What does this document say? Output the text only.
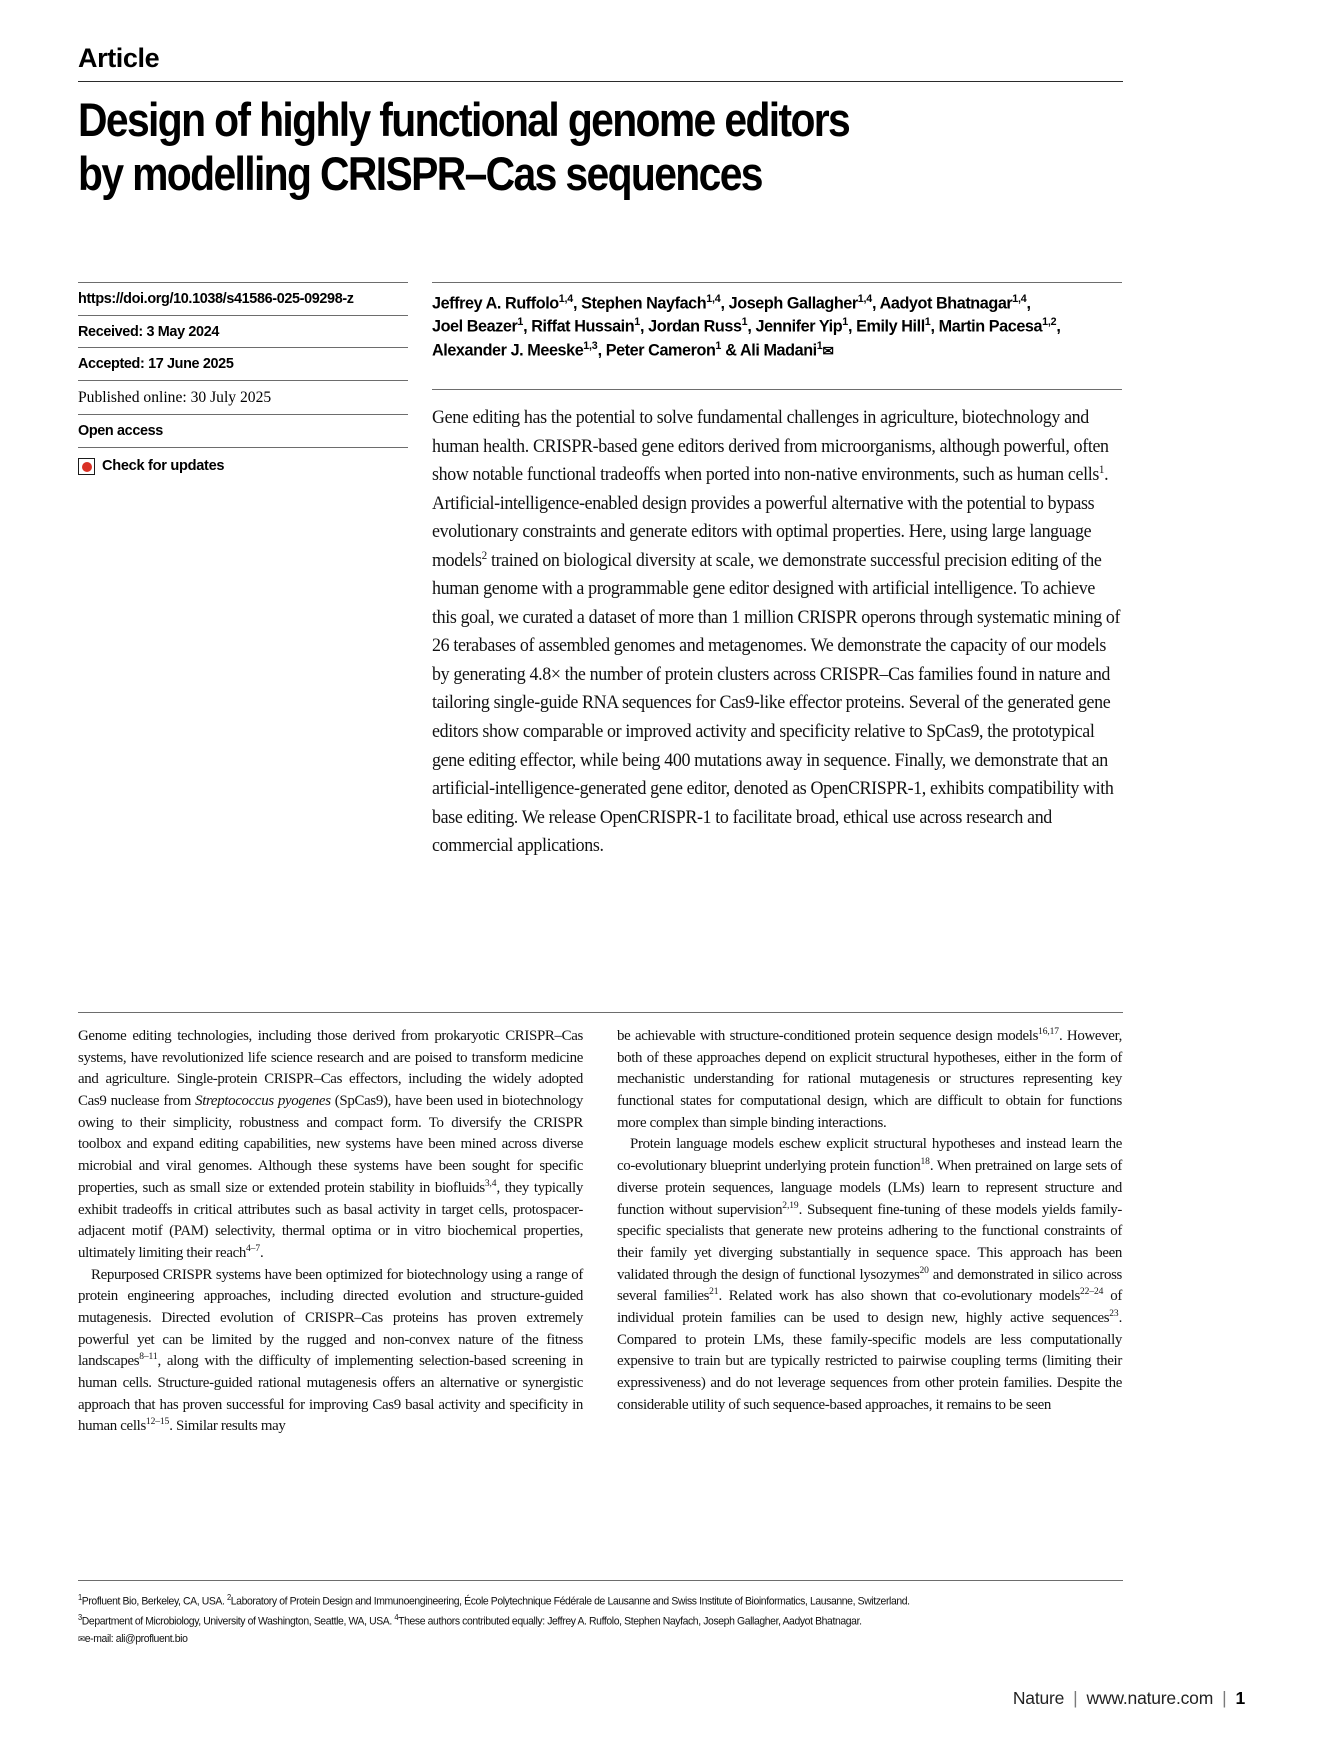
Article
Design of highly functional genome editors
by modelling CRISPR–Cas sequences
https://doi.org/10.1038/s41586-025-09298-z
Received: 3 May 2024
Accepted: 17 June 2025
Published online: 30 July 2025
Open access
Check for updates
Jeffrey A. Ruffolo$^{1,4}$, Stephen Nayfach$^{1,4}$, Joseph Gallagher$^{1,4}$, Aadyot Bhatnagar$^{1,4}$,
Joel Beazer$^1$, Riffat Hussain$^1$, Jordan Russ$^1$, Jennifer Yip$^1$, Emily Hill$^1$, Martin Pacesa$^{1,2}$,
Alexander J. Meeske$^{1,3}$, Peter Cameron$^1$ & Ali Madani$^1$✉
Gene editing has the potential to solve fundamental challenges in agriculture, biotechnology and human health. CRISPR-based gene editors derived from microorganisms, although powerful, often show notable functional tradeoffs when ported into non-native environments, such as human cells$^1$. Artificial-intelligence-enabled design provides a powerful alternative with the potential to bypass evolutionary constraints and generate editors with optimal properties. Here, using large language models$^2$ trained on biological diversity at scale, we demonstrate successful precision editing of the human genome with a programmable gene editor designed with artificial intelligence. To achieve this goal, we curated a dataset of more than 1 million CRISPR operons through systematic mining of 26 terabases of assembled genomes and metagenomes. We demonstrate the capacity of our models by generating 4.8× the number of protein clusters across CRISPR–Cas families found in nature and tailoring single-guide RNA sequences for Cas9-like effector proteins. Several of the generated gene editors show comparable or improved activity and specificity relative to SpCas9, the prototypical gene editing effector, while being 400 mutations away in sequence. Finally, we demonstrate that an artificial-intelligence-generated gene editor, denoted as OpenCRISPR-1, exhibits compatibility with base editing. We release OpenCRISPR-1 to facilitate broad, ethical use across research and commercial applications.

Genome editing technologies, including those derived from prokaryotic CRISPR–Cas systems, have revolutionized life science research and are poised to transform medicine and agriculture. Single-protein CRISPR–Cas effectors, including the widely adopted Cas9 nuclease from Streptococcus pyogenes (SpCas9), have been used in biotechnology owing to their simplicity, robustness and compact form. To diversify the CRISPR toolbox and expand editing capabilities, new systems have been mined across diverse microbial and viral genomes. Although these systems have been sought for specific properties, such as small size or extended protein stability in biofluids$^{3,4}$, they typically exhibit tradeoffs in critical attributes such as basal activity in target cells, protospacer-adjacent motif (PAM) selectivity, thermal optima or in vitro biochemical properties, ultimately limiting their reach$^{4-7}$.

Repurposed CRISPR systems have been optimized for biotechnology using a range of protein engineering approaches, including directed evolution and structure-guided mutagenesis. Directed evolution of CRISPR–Cas proteins has proven extremely powerful yet can be limited by the rugged and non-convex nature of the fitness landscapes$^{8-11}$, along with the difficulty of implementing selection-based screening in human cells. Structure-guided rational mutagenesis offers an alternative or synergistic approach that has proven successful for improving Cas9 basal activity and specificity in human cells$^{12-15}$. Similar results may

be achievable with structure-conditioned protein sequence design models$^{16,17}$. However, both of these approaches depend on explicit structural hypotheses, either in the form of mechanistic understanding for rational mutagenesis or structures representing key functional states for computational design, which are difficult to obtain for functions more complex than simple binding interactions.

Protein language models eschew explicit structural hypotheses and instead learn the co-evolutionary blueprint underlying protein function$^{18}$. When pretrained on large sets of diverse protein sequences, language models (LMs) learn to represent structure and function without supervision$^{2,19}$. Subsequent fine-tuning of these models yields family-specific specialists that generate new proteins adhering to the functional constraints of their family yet diverging substantially in sequence space. This approach has been validated through the design of functional lysozymes$^{20}$ and demonstrated in silico across several families$^{21}$. Related work has also shown that co-evolutionary models$^{22-24}$ of individual protein families can be used to design new, highly active sequences$^{23}$. Compared to protein LMs, these family-specific models are less computationally expensive to train but are typically restricted to pairwise coupling terms (limiting their expressiveness) and do not leverage sequences from other protein families. Despite the considerable utility of such sequence-based approaches, it remains to be seen

$^1$Profluent Bio, Berkeley, CA, USA. $^2$Laboratory of Protein Design and Immunoengineering, École Polytechnique Fédérale de Lausanne and Swiss Institute of Bioinformatics, Lausanne, Switzerland.
$^3$Department of Microbiology, University of Washington, Seattle, WA, USA. $^4$These authors contributed equally: Jeffrey A. Ruffolo, Stephen Nayfach, Joseph Gallagher, Aadyot Bhatnagar.
✉e-mail: ali@profluent.bio
Nature | www.nature.com | 1
